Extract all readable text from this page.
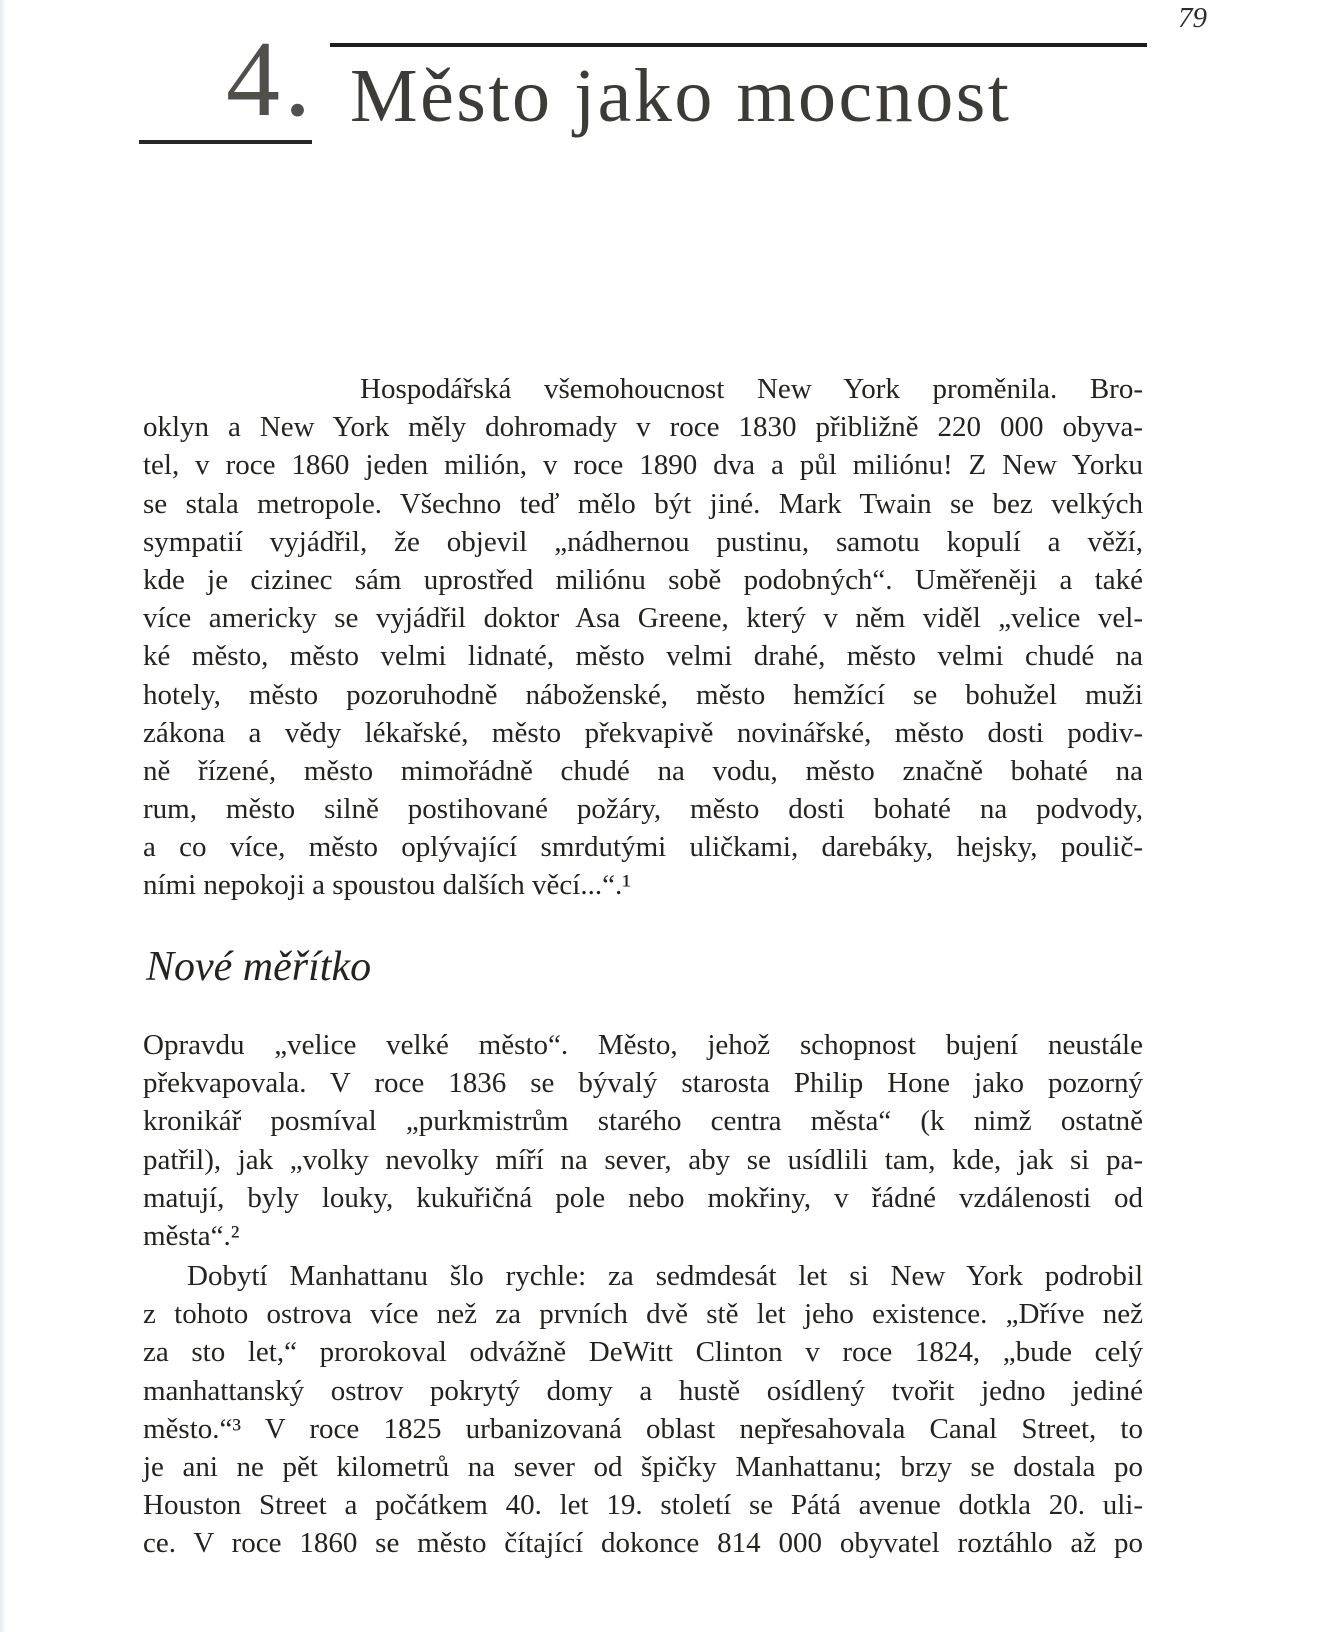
79
4. Město jako mocnost
Hospodářská všemohoucnost New York proměnila. Bro-
oklyn a New York měly dohromady v roce 1830 přibližně 220 000 obyva-
tel, v roce 1860 jeden milión, v roce 1890 dva a půl miliónu! Z New Yorku
se stala metropole. Všechno teď mělo být jiné. Mark Twain se bez velkých
sympatií vyjádřil, že objevil „nádhernou pustinu, samotu kopulí a věží,
kde je cizinec sám uprostřed miliónu sobě podobných“. Uměřeněji a také
více americky se vyjádřil doktor Asa Greene, který v něm viděl „velice vel-
ké město, město velmi lidnaté, město velmi drahé, město velmi chudé na
hotely, město pozoruhodně náboženské, město hemžící se bohužel muži
zákona a vědy lékařské, město překvapivě novinářské, město dosti podiv-
ně řízené, město mimořádně chudé na vodu, město značně bohaté na
rum, město silně postihované požáry, město dosti bohaté na podvody,
a co více, město oplývající smrdutými uličkami, darebáky, hejsky, poulič-
ními nepokoji a spoustou dalších věcí...“.¹
Nové měřítko
Opravdu „velice velké město“. Město, jehož schopnost bujení neustále
překvapovala. V roce 1836 se bývalý starosta Philip Hone jako pozorný
kronikář posmíval „purkmistrům starého centra města“ (k nimž ostatně
patřil), jak „volky nevolky míří na sever, aby se usídlili tam, kde, jak si pa-
matují, byly louky, kukuřičná pole nebo mokřiny, v řádné vzdálenosti od
města“.²
Dobytí Manhattanu šlo rychle: za sedmdesát let si New York podrobil
z tohoto ostrova více než za prvních dvě stě let jeho existence. „Dříve než
za sto let,“ prorokoval odvážně DeWitt Clinton v roce 1824, „bude celý
manhattanský ostrov pokrytý domy a hustě osídlený tvořit jedno jediné
město.“³ V roce 1825 urbanizovaná oblast nepřesahovala Canal Street, to
je ani ne pět kilometrů na sever od špičky Manhattanu; brzy se dostala po
Houston Street a počátkem 40. let 19. století se Pátá avenue dotkla 20. uli-
ce. V roce 1860 se město čítající dokonce 814 000 obyvatel roztáhlo až po
